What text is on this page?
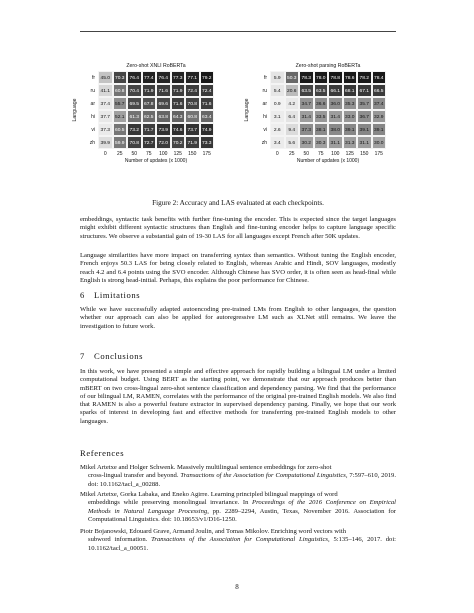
Zero-shot XNLI RoBERTa
Language
fr	45.0	70.3	76.4	77.4	76.4	77.3	77.1	79.2
ru	41.1	60.8	70.4	71.9	71.6	71.9	72.4	72.4
ar	37.4	55.7	69.5	67.8	69.6	71.6	70.8	71.6
hi	37.7	52.1	61.3	62.5	63.8	64.3	60.8	63.4
vi	37.3	60.5	73.2	71.7	73.9	74.6	73.7	74.9
zh	39.9	59.9	70.8	72.7	72.0	70.2	71.9	73.3
0	25	50	75	100	125	150	175
Number of updates (x 1000)
Zero-shot parsing RoBERTa
Language
fr	5.9	50.3	78.3	78.0	78.8	78.6	78.2	78.4
ru	5.4	20.6	63.5	63.5	66.1	68.1	67.1	66.5
ar	0.9	4.2	34.7	36.6	36.0	35.3	35.7	37.4
hi	3.1	6.4	31.4	33.5	31.4	33.0	36.7	32.9
vi	2.6	9.4	37.3	38.1	38.0	39.1	39.1	39.1
zh	3.4	5.6	30.2	30.3	31.1	31.3	31.1	30.0
0	25	50	75	100	125	150	175
Number of updates (x 1000)
Figure 2: Accuracy and LAS evaluated at each checkpoints.
embeddings, syntactic task benefits with further fine-tuning the encoder. This is expected since the target languages might exhibit different syntactic structures than English and fine-tuning encoder helps to capture language specific structures. We observe a substantial gain of 19-30 LAS for all languages except French after 50K updates.
Language similarities have more impact on transferring syntax than semantics. Without tuning the English encoder, French enjoys 50.3 LAS for being closely related to English, whereas Arabic and Hindi, SOV languages, modestly reach 4.2 and 6.4 points using the SVO encoder. Although Chinese has SVO order, it is often seen as head-final while English is strong head-initial. Perhaps, this explains the poor performance for Chinese.
6 Limitations
While we have successfully adapted autoencoding pre-trained LMs from English to other languages, the question whether our approach can also be applied for autoregressive LM such as XLNet still remains. We leave the investigation to future work.
7 Conclusions
In this work, we have presented a simple and effective approach for rapidly building a bilingual LM under a limited computational budget. Using BERT as the starting point, we demonstrate that our approach produces better than mBERT on two cross-lingual zero-shot sentence classification and dependency parsing. We find that the performance of our bilingual LM, RAMEN, correlates with the performance of the original pre-trained English models. We also find that RAMEN is also a powerful feature extractor in supervised dependency parsing. Finally, we hope that our work sparks of interest in developing fast and effective methods for transferring pre-trained English models to other languages.
References
Mikel Artetxe and Holger Schwenk. Massively multilingual sentence embeddings for zero-shot
cross-lingual transfer and beyond. Transactions of the Association for Computational Linguistics, 7:597–610, 2019. doi: 10.1162/tacl_a_00288.
Mikel Artetxe, Gorka Labaka, and Eneko Agirre. Learning principled bilingual mappings of word
embeddings while preserving monolingual invariance. In Proceedings of the 2016 Conference on Empirical Methods in Natural Language Processing, pp. 2289–2294, Austin, Texas, November 2016. Association for Computational Linguistics. doi: 10.18653/v1/D16-1250.
Piotr Bojanowski, Edouard Grave, Armand Joulin, and Tomas Mikolov. Enriching word vectors with
subword information. Transactions of the Association for Computational Linguistics, 5:135–146, 2017. doi: 10.1162/tacl_a_00051.
8
